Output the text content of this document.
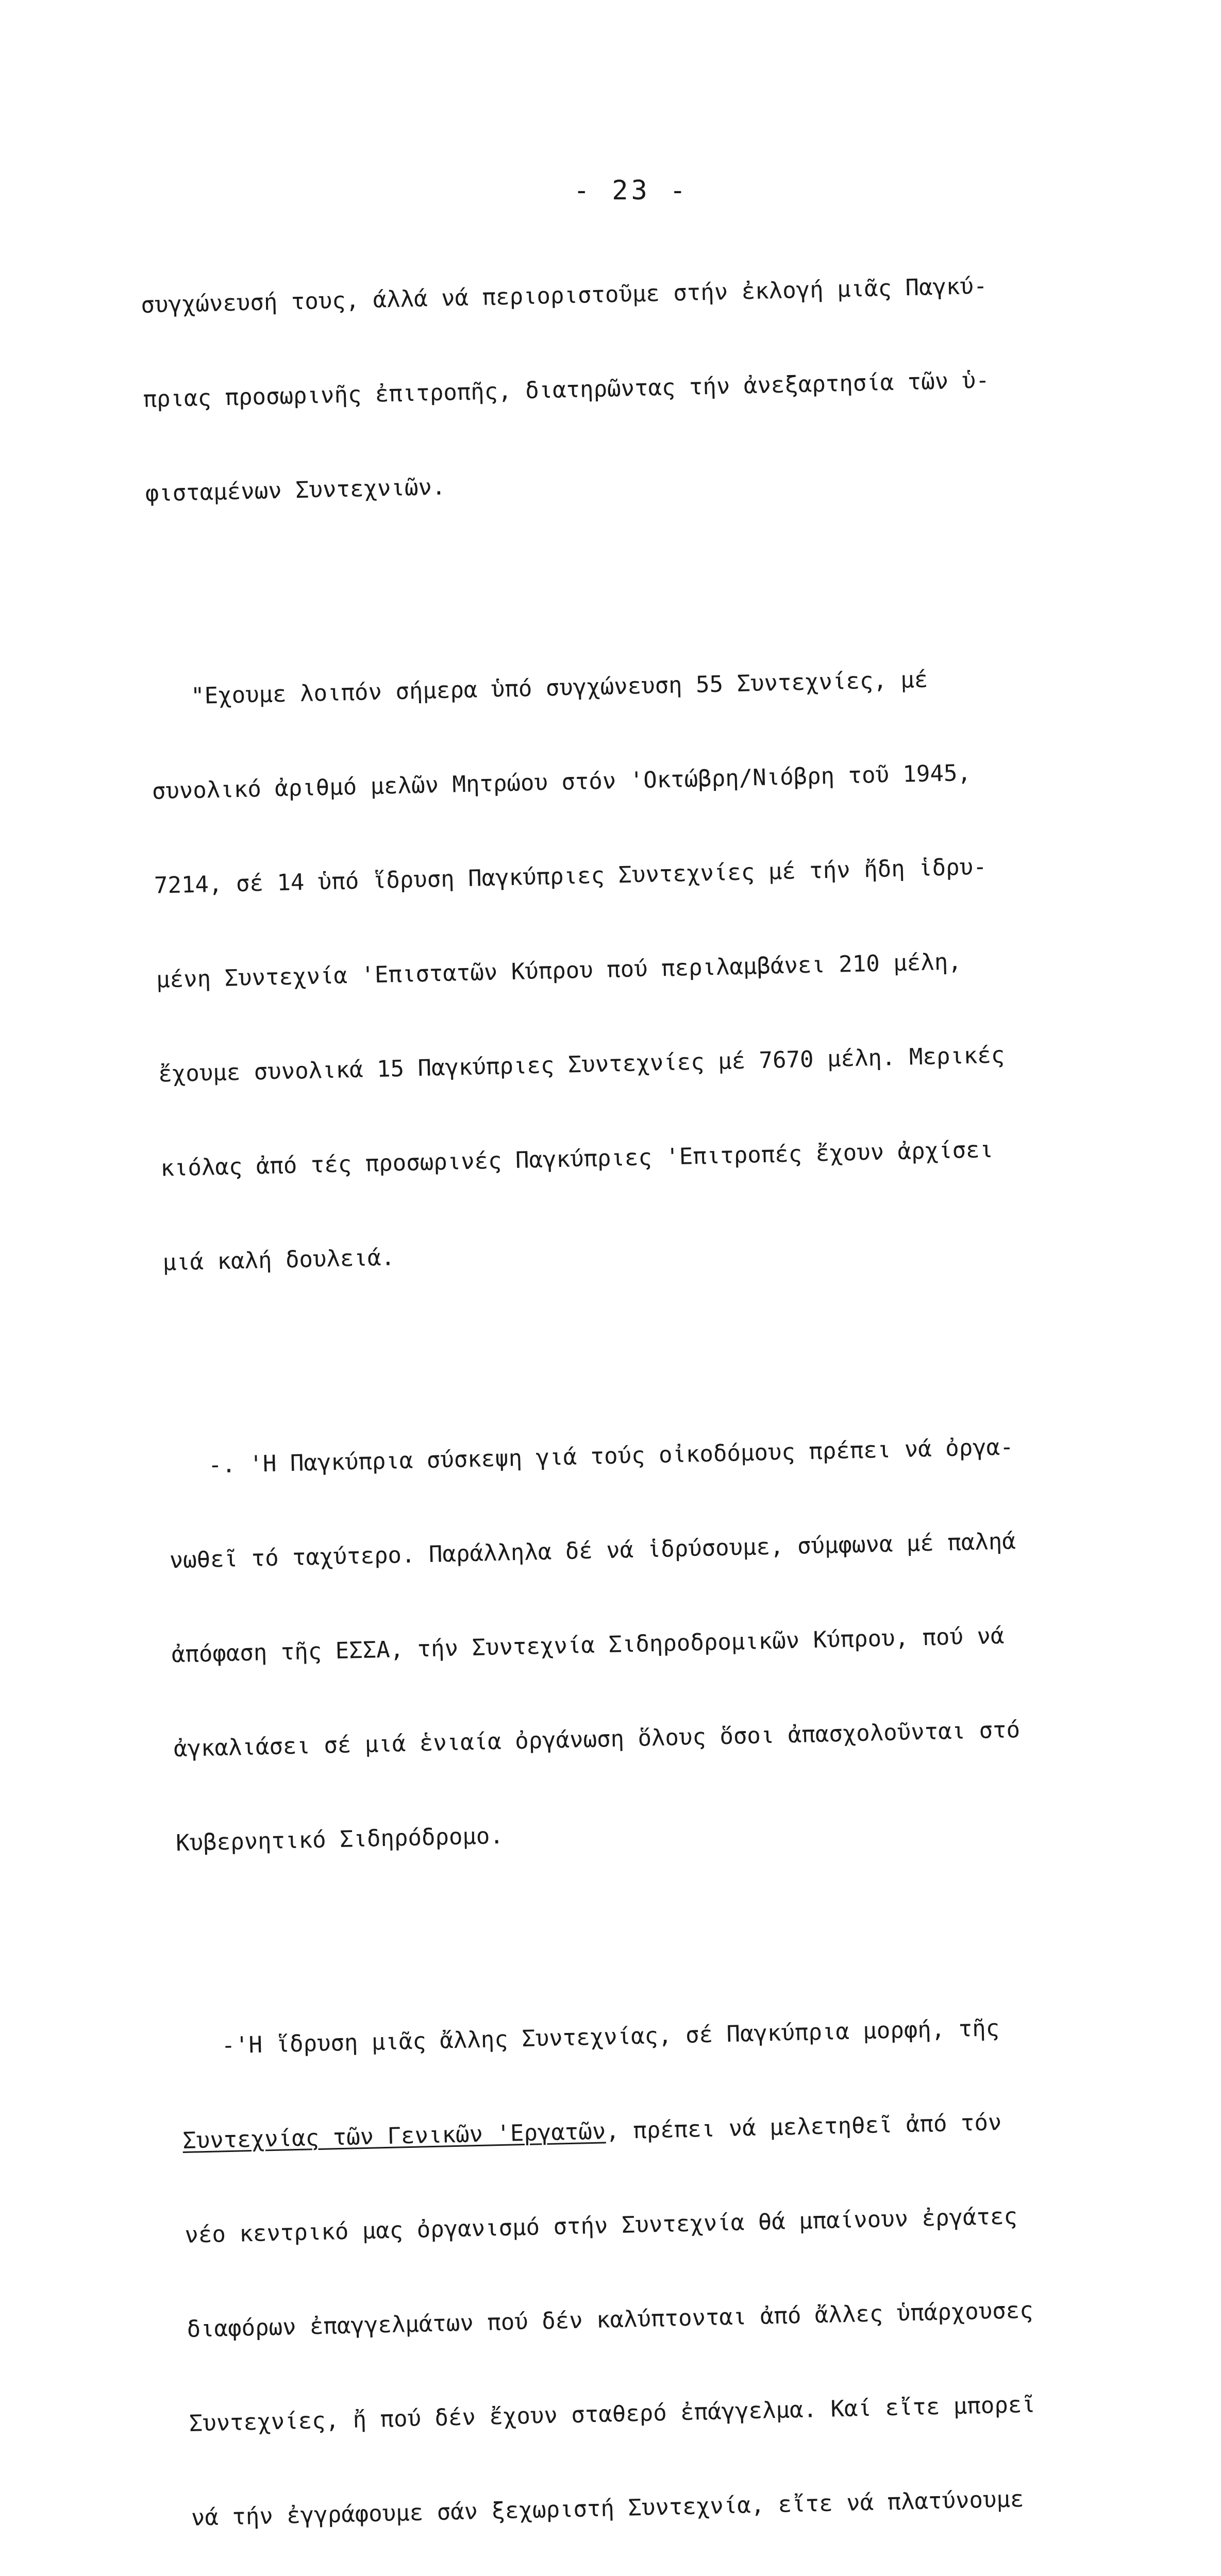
- 23 -

συγχώνευσή τους, άλλά νά περιοριστοῦμε στήν ἐκλογή μιᾶς Παγκύ-

πριας προσωρινῆς ἐπιτροπῆς, διατηρῶντας τήν ἀνεξαρτησία τῶν ὑ-

φισταμένων Συντεχνιῶν.

"Εχουμε λοιπόν σήμερα ὑπό συγχώνευση 55 Συντεχνίες, μέ

συνολικό ἀριθμό μελῶν Μητρώου στόν 'Οκτώβρη/Νιόβρη τοῦ 1945,

7214, σέ 14 ὑπό ἵδρυση Παγκύπριες Συντεχνίες μέ τήν ἤδη ἱδρυ-

μένη Συντεχνία 'Επιστατῶν Κύπρου πού περιλαμβάνει 210 μέλη,

ἔχουμε συνολικά 15 Παγκύπριες Συντεχνίες μέ 7670 μέλη. Μερικές

κιόλας ἀπό τές προσωρινές Παγκύπριες 'Επιτροπές ἔχουν ἀρχίσει

μιά καλή δουλειά.

-. 'Η Παγκύπρια σύσκεψη γιά τούς οἰκοδόμους πρέπει νά ὀργα-

νωθεῖ τό ταχύτερο. Παράλληλα δέ νά ἱδρύσουμε, σύμφωνα μέ παληά

ἀπόφαση τῆς ΕΣΣΑ, τήν Συντεχνία Σιδηροδρομικῶν Κύπρου, πού νά

ἀγκαλιάσει σέ μιά ἑνιαία ὀργάνωση ὅλους ὅσοι ἀπασχολοῦνται στό

Κυβερνητικό Σιδηρόδρομο.

-'Η ἵδρυση μιᾶς ἄλλης Συντεχνίας, σέ Παγκύπρια μορφή, τῆς

Συντεχνίας τῶν Γενικῶν 'Εργατῶν, πρέπει νά μελετηθεῖ ἀπό τόν

νέο κεντρικό μας ὀργανισμό στήν Συντεχνία θά μπαίνουν ἐργάτες

διαφόρων ἐπαγγελμάτων πού δέν καλύπτονται ἀπό ἄλλες ὑπάρχουσες

Συντεχνίες, ἤ πού δέν ἔχουν σταθερό ἐπάγγελμα. Καί εἴτε μπορεῖ

νά τήν ἐγγράφουμε σάν ξεχωριστή Συντεχνία, εἴτε νά πλατύνουμε
